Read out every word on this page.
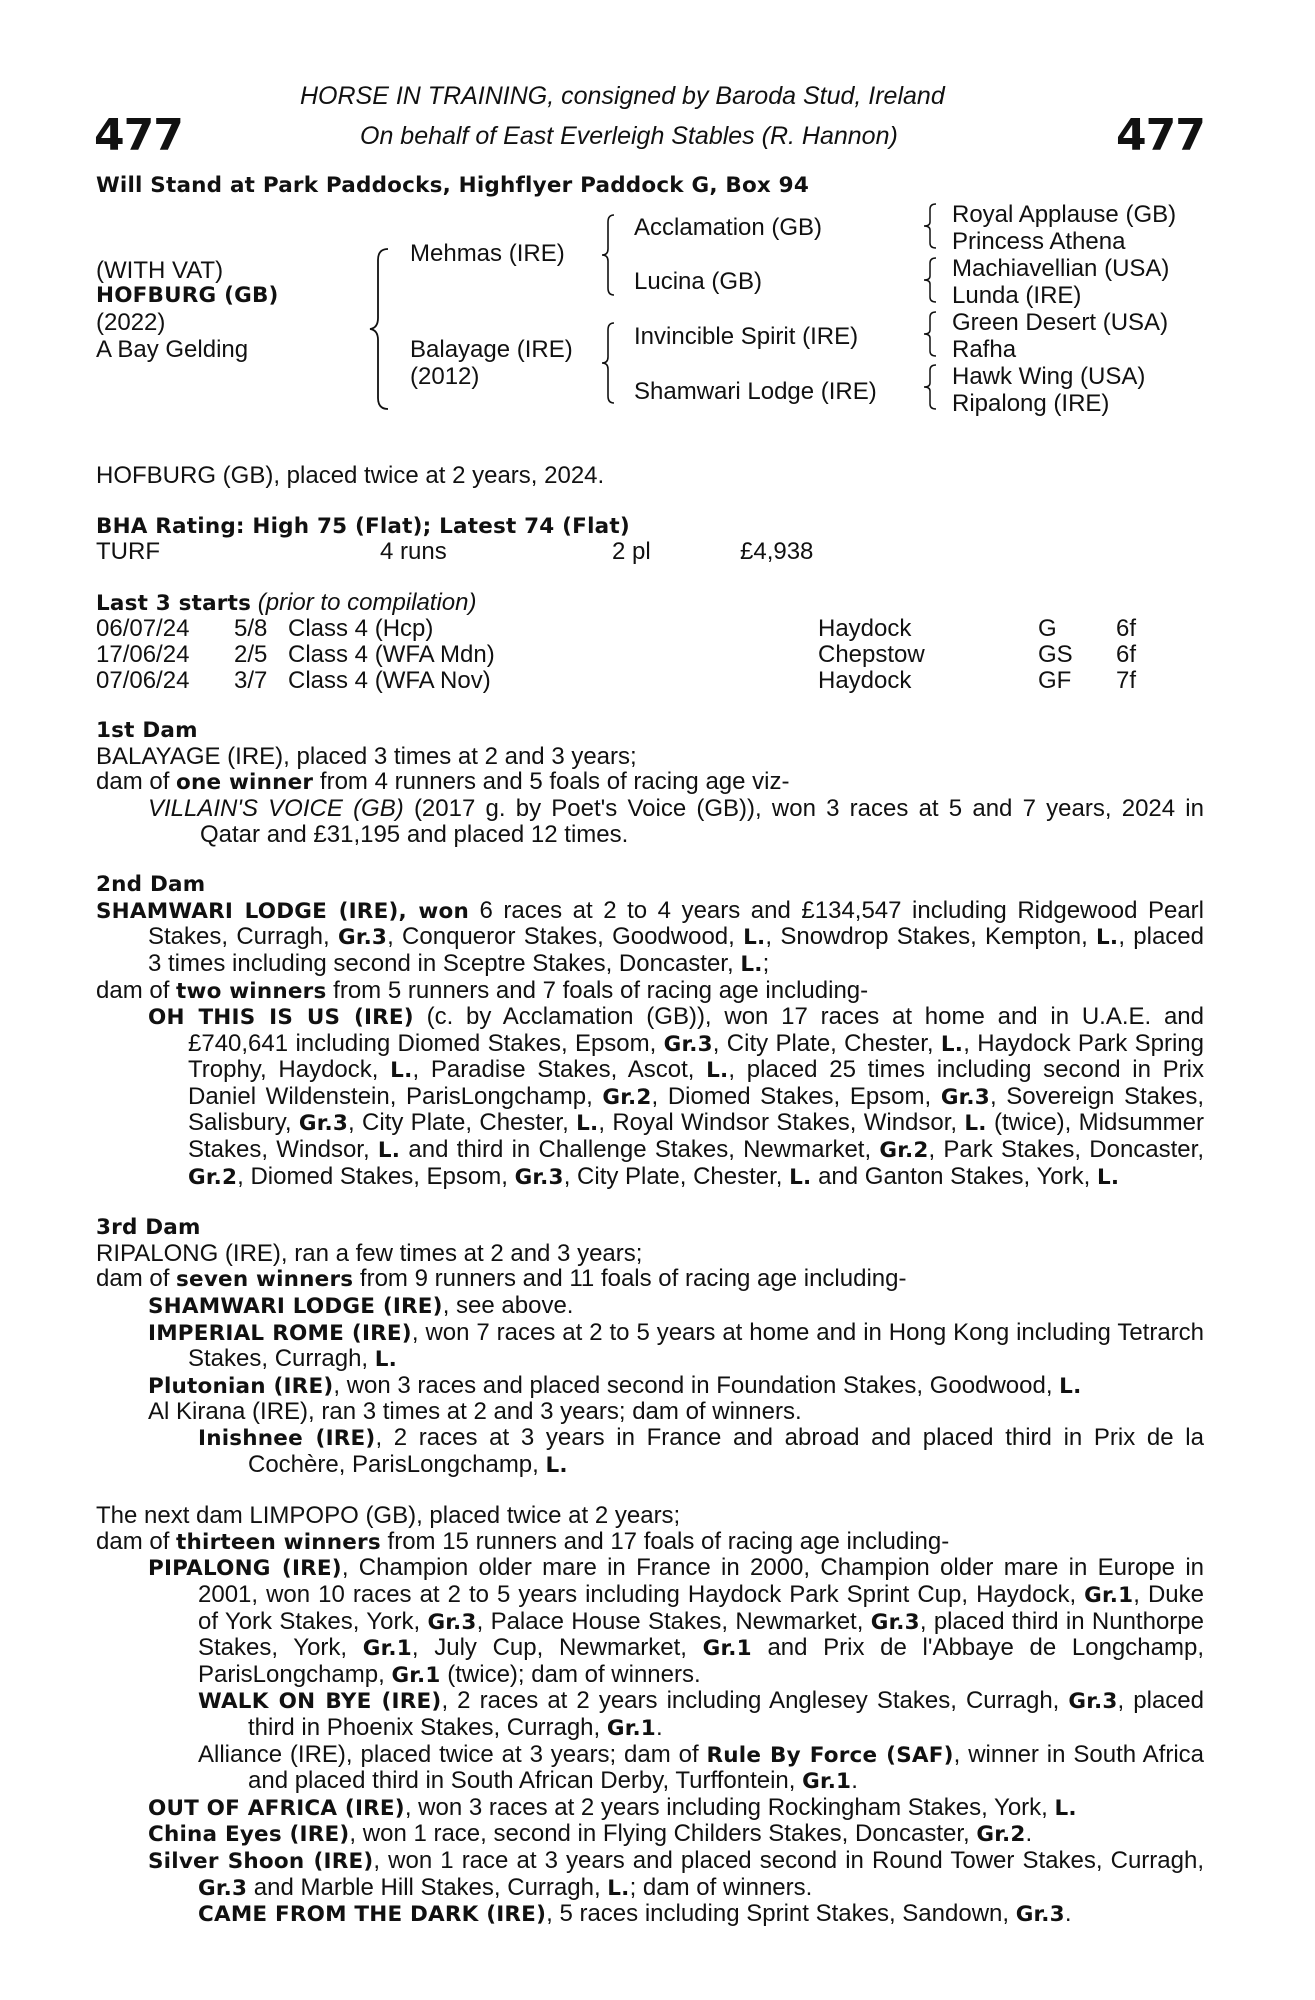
477	477
HORSE IN TRAINING, consigned by Baroda Stud, Ireland
On behalf of East Everleigh Stables (R. Hannon)
Will Stand at Park Paddocks, Highflyer Paddock G, Box 94
(WITH VAT)
HOFBURG (GB)
(2022)
A Bay Gelding
Mehmas (IRE)
Balayage (IRE)
(2012)
Acclamation (GB)
Lucina (GB)
Invincible Spirit (IRE)
Shamwari Lodge (IRE)
Royal Applause (GB)
Princess Athena
Machiavellian (USA)
Lunda (IRE)
Green Desert (USA)
Rafha
Hawk Wing (USA)
Ripalong (IRE)

HOFBURG (GB), placed twice at 2 years, 2024.

BHA Rating: High 75 (Flat); Latest 74 (Flat)

TURF	4 runs	2 pl	£4,938

Last 3 starts (prior to compilation)

06/07/24	5/8	Class 4 (Hcp)	Haydock	G	6f
17/06/24	2/5	Class 4 (WFA Mdn)	Chepstow	GS	6f
07/06/24	3/7	Class 4 (WFA Nov)	Haydock	GF	7f

1st Dam

BALAYAGE (IRE), placed 3 times at 2 and 3 years;

dam of one winner from 4 runners and 5 foals of racing age viz-

VILLAIN'S VOICE (GB) (2017 g. by Poet's Voice (GB)), won 3 races at 5 and 7 years, 2024 in Qatar and £31,195 and placed 12 times.

2nd Dam

SHAMWARI LODGE (IRE), won 6 races at 2 to 4 years and £134,547 including Ridgewood Pearl Stakes, Curragh, Gr.3, Conqueror Stakes, Goodwood, L., Snowdrop Stakes, Kempton, L., placed 3 times including second in Sceptre Stakes, Doncaster, L.;

dam of two winners from 5 runners and 7 foals of racing age including-

OH THIS IS US (IRE) (c. by Acclamation (GB)), won 17 races at home and in U.A.E. and £740,641 including Diomed Stakes, Epsom, Gr.3, City Plate, Chester, L., Haydock Park Spring Trophy, Haydock, L., Paradise Stakes, Ascot, L., placed 25 times including second in Prix Daniel Wildenstein, ParisLongchamp, Gr.2, Diomed Stakes, Epsom, Gr.3, Sovereign Stakes, Salisbury, Gr.3, City Plate, Chester, L., Royal Windsor Stakes, Windsor, L. (twice), Midsummer Stakes, Windsor, L. and third in Challenge Stakes, Newmarket, Gr.2, Park Stakes, Doncaster, Gr.2, Diomed Stakes, Epsom, Gr.3, City Plate, Chester, L. and Ganton Stakes, York, L.

3rd Dam

RIPALONG (IRE), ran a few times at 2 and 3 years;

dam of seven winners from 9 runners and 11 foals of racing age including-

SHAMWARI LODGE (IRE), see above.

IMPERIAL ROME (IRE), won 7 races at 2 to 5 years at home and in Hong Kong including Tetrarch Stakes, Curragh, L.

Plutonian (IRE), won 3 races and placed second in Foundation Stakes, Goodwood, L.

Al Kirana (IRE), ran 3 times at 2 and 3 years; dam of winners.

Inishnee (IRE), 2 races at 3 years in France and abroad and placed third in Prix de la Cochère, ParisLongchamp, L.

The next dam LIMPOPO (GB), placed twice at 2 years;

dam of thirteen winners from 15 runners and 17 foals of racing age including-

PIPALONG (IRE), Champion older mare in France in 2000, Champion older mare in Europe in 2001, won 10 races at 2 to 5 years including Haydock Park Sprint Cup, Haydock, Gr.1, Duke of York Stakes, York, Gr.3, Palace House Stakes, Newmarket, Gr.3, placed third in Nunthorpe Stakes, York, Gr.1, July Cup, Newmarket, Gr.1 and Prix de l'Abbaye de Longchamp, ParisLongchamp, Gr.1 (twice); dam of winners.

WALK ON BYE (IRE), 2 races at 2 years including Anglesey Stakes, Curragh, Gr.3, placed third in Phoenix Stakes, Curragh, Gr.1.

Alliance (IRE), placed twice at 3 years; dam of Rule By Force (SAF), winner in South Africa and placed third in South African Derby, Turffontein, Gr.1.

OUT OF AFRICA (IRE), won 3 races at 2 years including Rockingham Stakes, York, L.

China Eyes (IRE), won 1 race, second in Flying Childers Stakes, Doncaster, Gr.2.

Silver Shoon (IRE), won 1 race at 3 years and placed second in Round Tower Stakes, Curragh, Gr.3 and Marble Hill Stakes, Curragh, L.; dam of winners.

CAME FROM THE DARK (IRE), 5 races including Sprint Stakes, Sandown, Gr.3.
